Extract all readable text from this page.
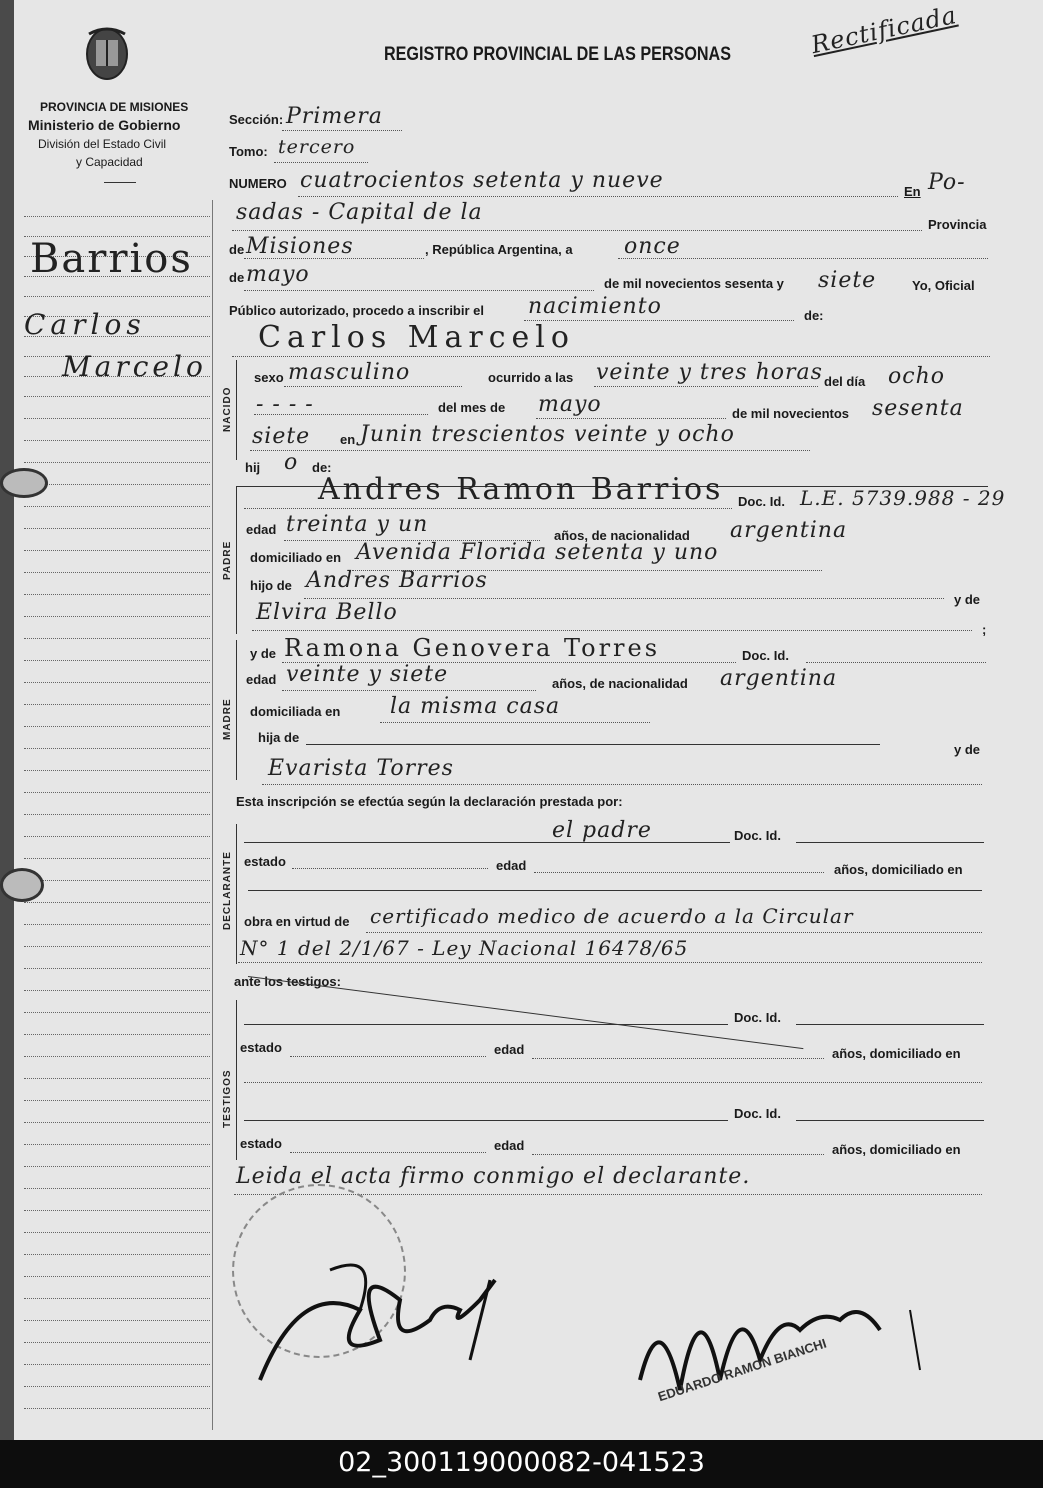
PROVINCIA DE MISIONES
Ministerio de Gobierno
División del Estado Civil
y Capacidad
REGISTRO PROVINCIAL DE LAS PERSONAS	Rectificada
Barrios
Carlos
Marcelo
Sección: Primera
Tomo: tercero
NUMERO cuatrocientos setenta y nueve	En Po-
sadas - Capital de la	Provincia
de Misiones	, República Argentina, a once
de mayo	de mil novecientos sesenta y siete	Yo, Oficial
Público autorizado, procedo a inscribir el nacimiento	de:
Carlos Marcelo
NACIDO
sexo masculino	ocurrido a las veinte y tres horas del día ocho
- - - -	del mes de mayo	de mil novecientos sesenta
siete en Junin trescientos veinte y ocho
hij o de:
PADRE
Andres Ramon Barrios Doc. Id. L.E. 5739.988 - 29
edad treinta y un	años, de nacionalidad argentina
domiciliado en Avenida Florida setenta y uno
hijo de Andres Barrios
y de
Elvira Bello
;
MADRE
y de Ramona Genovera Torres	Doc. Id.
edad veinte y siete	años, de nacionalidad argentina
domiciliada en la misma casa
hija de
y de
Evarista Torres
Esta inscripción se efectúa según la declaración prestada por:
DECLARANTE
el padre	Doc. Id.
estado	edad	años, domiciliado en
obra en virtud de certificado medico de acuerdo a la Circular
N° 1 del 2/1/67 - Ley Nacional 16478/65
ante los testigos:
TESTIGOS
Doc. Id.
estado	edad	años, domiciliado en
Doc. Id.
estado	edad	años, domiciliado en
Leida el acta firmo conmigo el declarante.
EDUARDO RAMON BIANCHI
02_300119000082-041523
